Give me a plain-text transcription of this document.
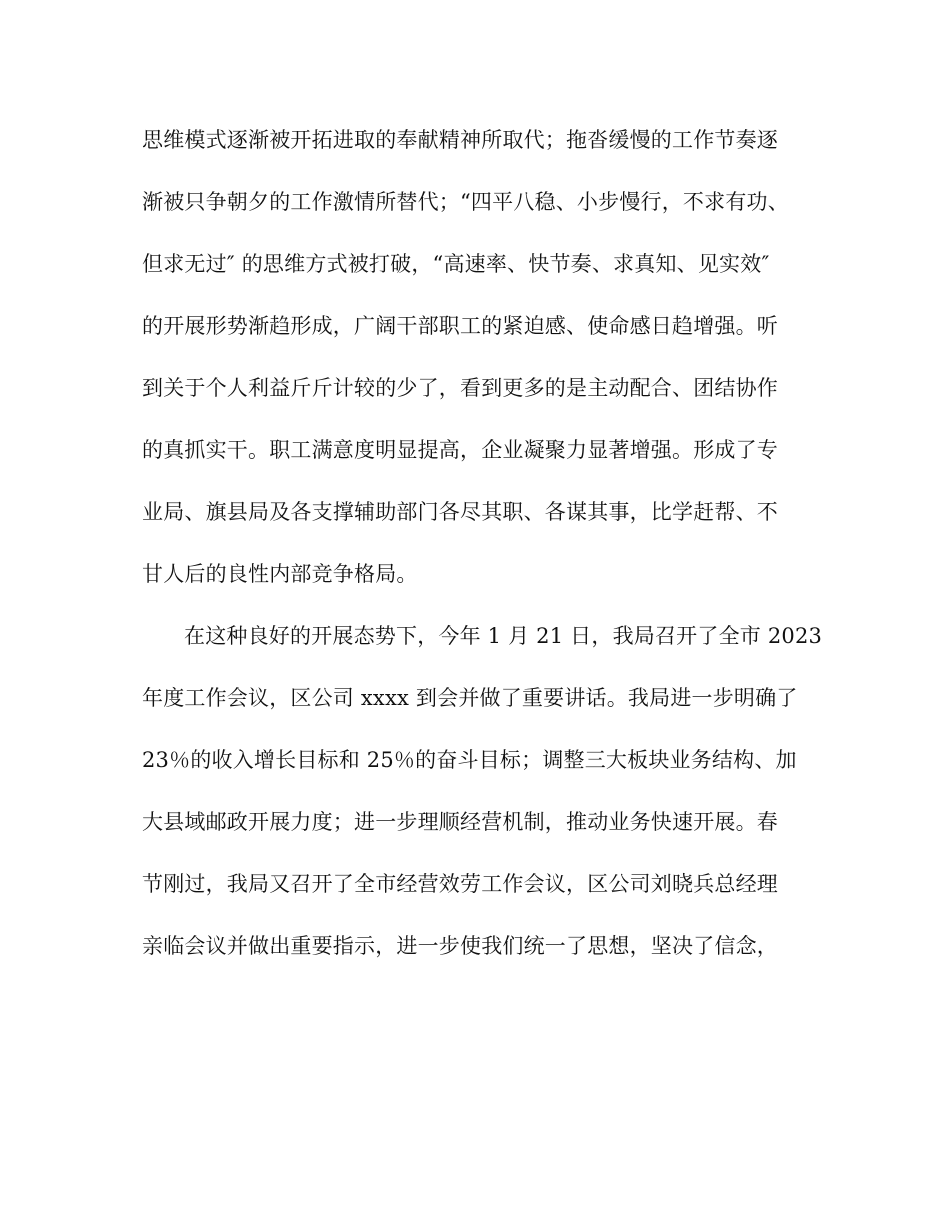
思维模式逐渐被开拓进取的奉献精神所取代；拖沓缓慢的工作节奏逐
渐被只争朝夕的工作激情所替代；“四平八稳、小步慢行，不求有功、
但求无过″ 的思维方式被打破，“高速率、快节奏、求真知、见实效″
的开展形势渐趋形成，广阔干部职工的紧迫感、使命感日趋增强。听
到关于个人利益斤斤计较的少了，看到更多的是主动配合、团结协作
的真抓实干。职工满意度明显提高，企业凝聚力显著增强。形成了专
业局、旗县局及各支撑辅助部门各尽其职、各谋其事，比学赶帮、不
甘人后的良性内部竞争格局。
在这种良好的开展态势下，今年 1 月 21 日，我局召开了全市 2023
年度工作会议，区公司 xxxx 到会并做了重要讲话。我局进一步明确了
23％的收入增长目标和 25％的奋斗目标；调整三大板块业务结构、加
大县域邮政开展力度；进一步理顺经营机制，推动业务快速开展。春
节刚过，我局又召开了全市经营效劳工作会议，区公司刘晓兵总经理
亲临会议并做出重要指示，进一步使我们统一了思想，坚决了信念，
